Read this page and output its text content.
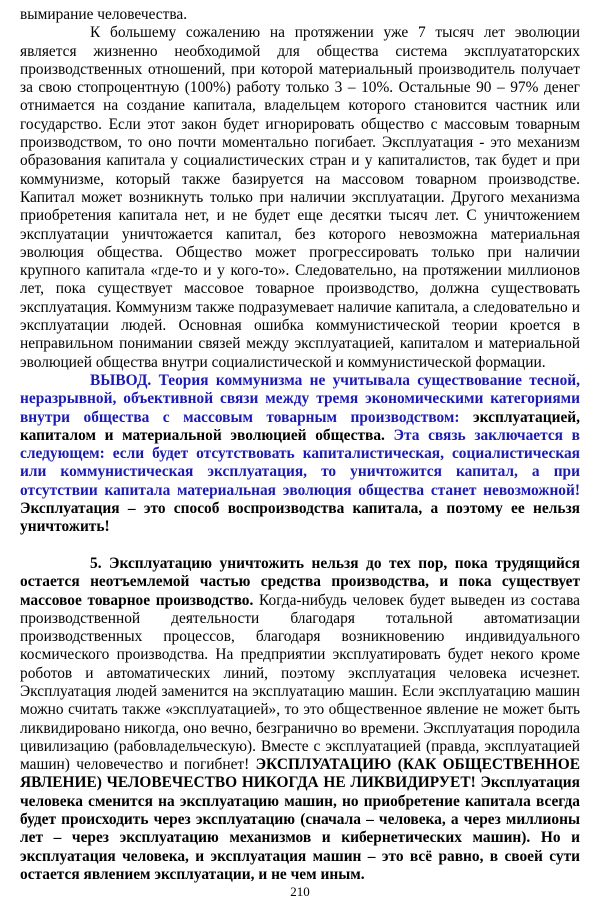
вымирание человечества.

К большему сожалению на протяжении уже 7 тысяч лет эволюции является жизненно необходимой для общества система эксплуататорских производственных отношений, при которой материальный производитель получает за свою стопроцентную (100%) работу только 3 – 10%. Остальные 90 – 97% денег отнимается на создание капитала, владельцем которого становится частник или государство. Если этот закон будет игнорировать общество с массовым товарным производством, то оно почти моментально погибает. Эксплуатация - это механизм образования капитала у социалистических стран и у капиталистов, так будет и при коммунизме, который также базируется на массовом товарном производстве. Капитал может возникнуть только при наличии эксплуатации. Другого механизма приобретения капитала нет, и не будет еще десятки тысяч лет. С уничтожением эксплуатации уничтожается капитал, без которого невозможна материальная эволюция общества. Общество может прогрессировать только при наличии крупного капитала «где-то и у кого-то». Следовательно, на протяжении миллионов лет, пока существует массовое товарное производство, должна существовать эксплуатация. Коммунизм также подразумевает наличие капитала, а следовательно и эксплуатации людей. Основная ошибка коммунистической теории кроется в неправильном понимании связей между эксплуатацией, капиталом и материальной эволюцией общества внутри социалистической и коммунистической формации.

ВЫВОД. Теория коммунизма не учитывала существование тесной, неразрывной, объективной связи между тремя экономическими категориями внутри общества с массовым товарным производством: эксплуатацией, капиталом и материальной эволюцией общества. Эта связь заключается в следующем: если будет отсутствовать капиталистическая, социалистическая или коммунистическая эксплуатация, то уничтожится капитал, а при отсутствии капитала материальная эволюция общества станет невозможной! Эксплуатация – это способ воспроизводства капитала, а поэтому ее нельзя уничтожить!

5. Эксплуатацию уничтожить нельзя до тех пор, пока трудящийся остается неотъемлемой частью средства производства, и пока существует массовое товарное производство. Когда-нибудь человек будет выведен из состава производственной деятельности благодаря тотальной автоматизации производственных процессов, благодаря возникновению индивидуального космического производства. На предприятии эксплуатировать будет некого кроме роботов и автоматических линий, поэтому эксплуатация человека исчезнет. Эксплуатация людей заменится на эксплуатацию машин. Если эксплуатацию машин можно считать также «эксплуатацией», то это общественное явление не может быть ликвидировано никогда, оно вечно, безгранично во времени. Эксплуатация породила цивилизацию (рабовладельческую). Вместе с эксплуатацией (правда, эксплуатацией машин) человечество и погибнет! ЭКСПЛУАТАЦИЮ (КАК ОБЩЕСТВЕННОЕ ЯВЛЕНИЕ) ЧЕЛОВЕЧЕСТВО НИКОГДА НЕ ЛИКВИДИРУЕТ! Эксплуатация человека сменится на эксплуатацию машин, но приобретение капитала всегда будет происходить через эксплуатацию (сначала – человека, а через миллионы лет – через эксплуатацию механизмов и кибернетических машин). Но и эксплуатация человека, и эксплуатация машин – это всё равно, в своей сути остается явлением эксплуатации, и не чем иным.

210
